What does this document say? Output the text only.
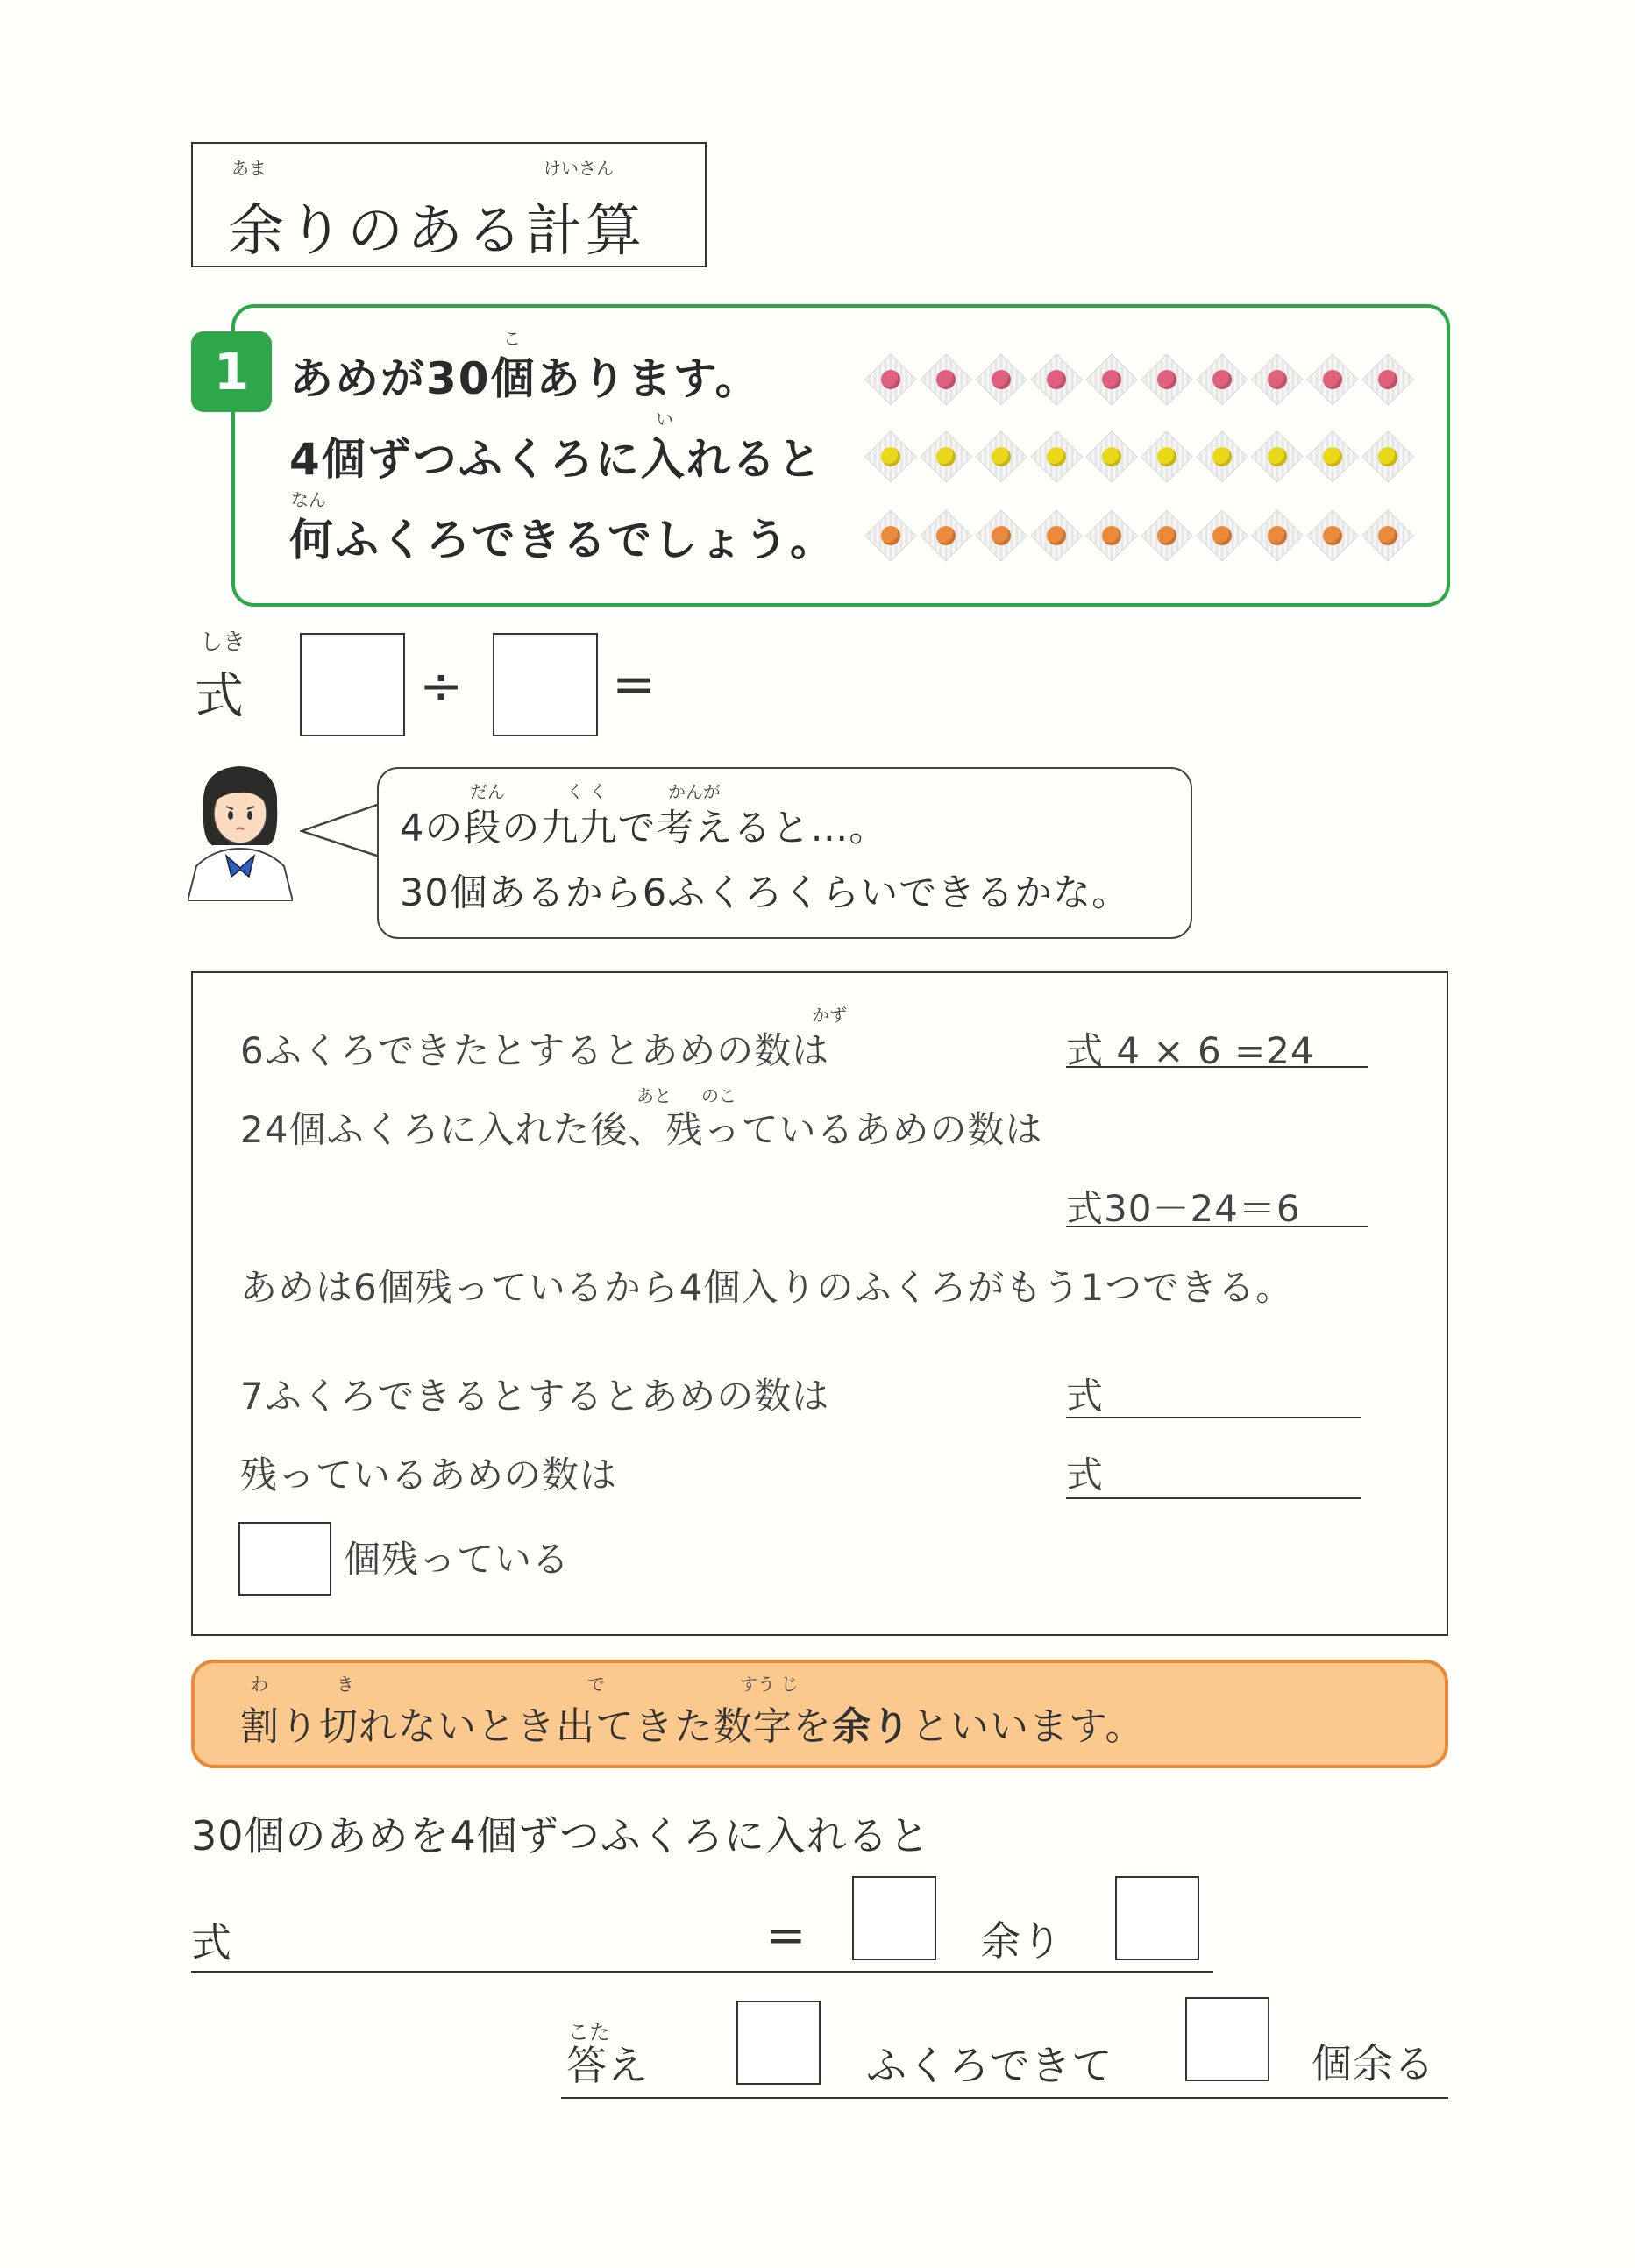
あま	けいさん
余りのある計算
1
こ
あめが30個あります。
い
4個ずつふくろに入れると
なん
何ふくろできるでしょう。
しき
式	÷	=
だん	く く	かんが
4の段の九九で考えると…。
30個あるから6ふくろくらいできるかな。
かず
6ふくろできたとするとあめの数は	式 4 × 6 =24
あと のこ
24個ふくろに入れた後、残っているあめの数は
式30－24＝6
あめは6個残っているから4個入りのふくろがもう1つできる。
7ふくろできるとするとあめの数は	式
残っているあめの数は	式
個残っている
わ	き	で	すう じ
割り切れないとき出てきた数字を余りといいます。
30個のあめを4個ずつふくろに入れると
式	=	余り
こた
答え	ふくろできて	個余る
